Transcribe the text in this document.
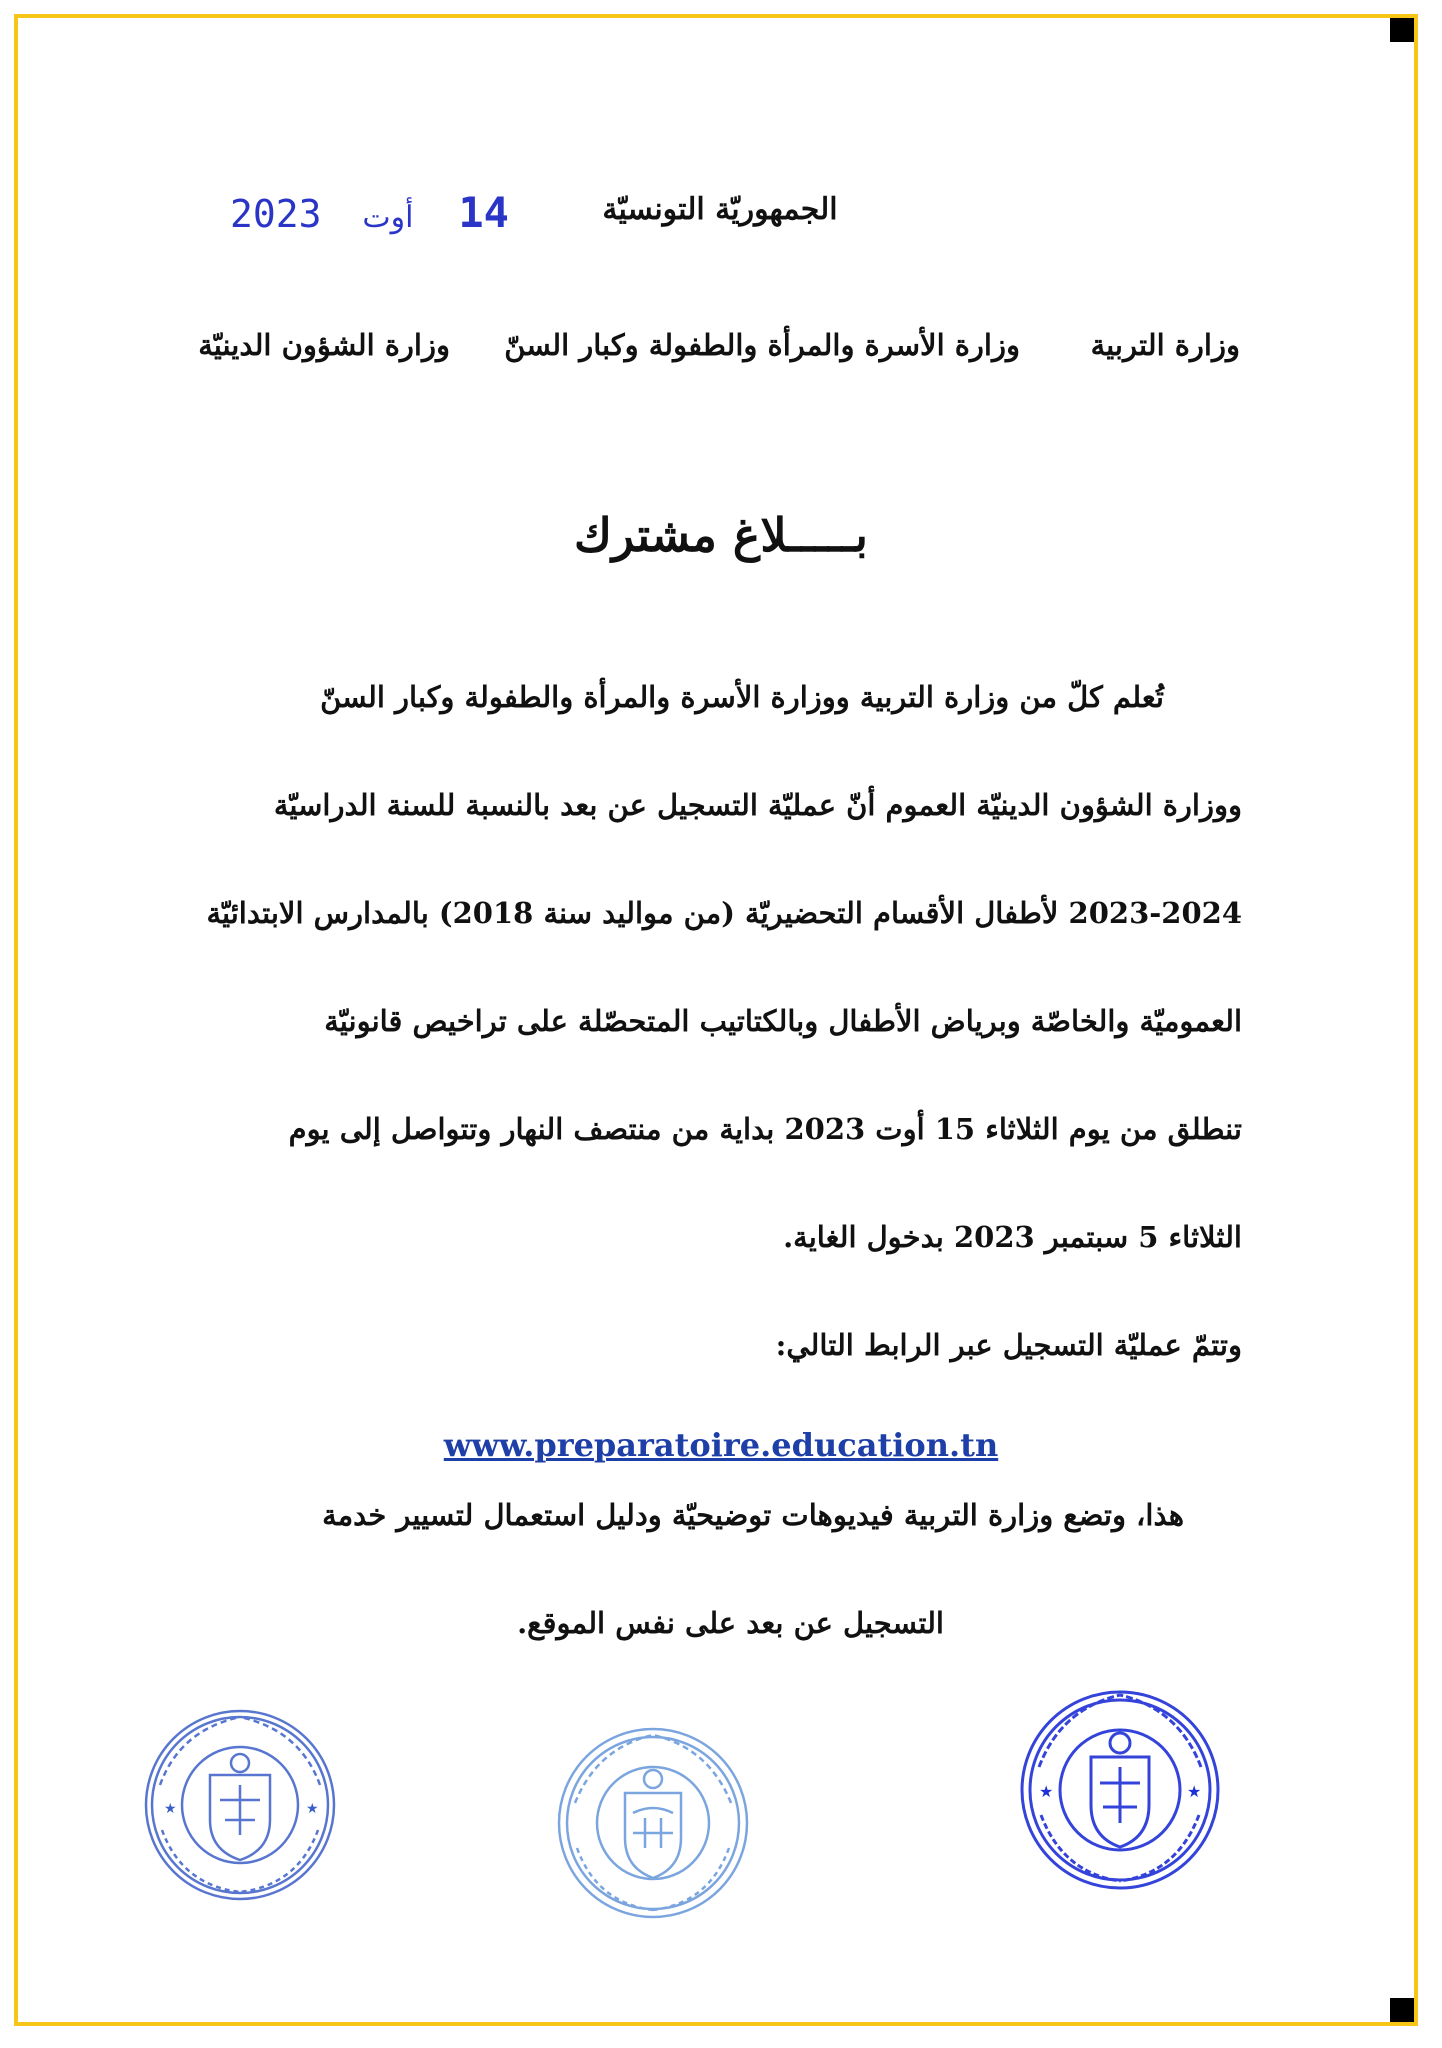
14 أوت 2023	الجمهوريّة التونسيّة
وزارة التربية
وزارة الأسرة والمرأة والطفولة وكبار السنّ
وزارة الشؤون الدينيّة
بـــــلاغ مشترك
تُعلم كلّ من وزارة التربية ووزارة الأسرة والمرأة والطفولة وكبار السنّ
ووزارة الشؤون الدينيّة العموم أنّ عمليّة التسجيل عن بعد بالنسبة للسنة الدراسيّة
2023-2024 لأطفال الأقسام التحضيريّة (من مواليد سنة 2018) بالمدارس الابتدائيّة
العموميّة والخاصّة وبرياض الأطفال وبالكتاتيب المتحصّلة على تراخيص قانونيّة
تنطلق من يوم الثلاثاء 15 أوت 2023 بداية من منتصف النهار وتتواصل إلى يوم
الثلاثاء 5 سبتمبر 2023 بدخول الغاية.
وتتمّ عمليّة التسجيل عبر الرابط التالي:
www.preparatoire.education.tn
هذا، وتضع وزارة التربية فيديوهات توضيحيّة ودليل استعمال لتسيير خدمة
التسجيل عن بعد على نفس الموقع.
★	★
★	★
